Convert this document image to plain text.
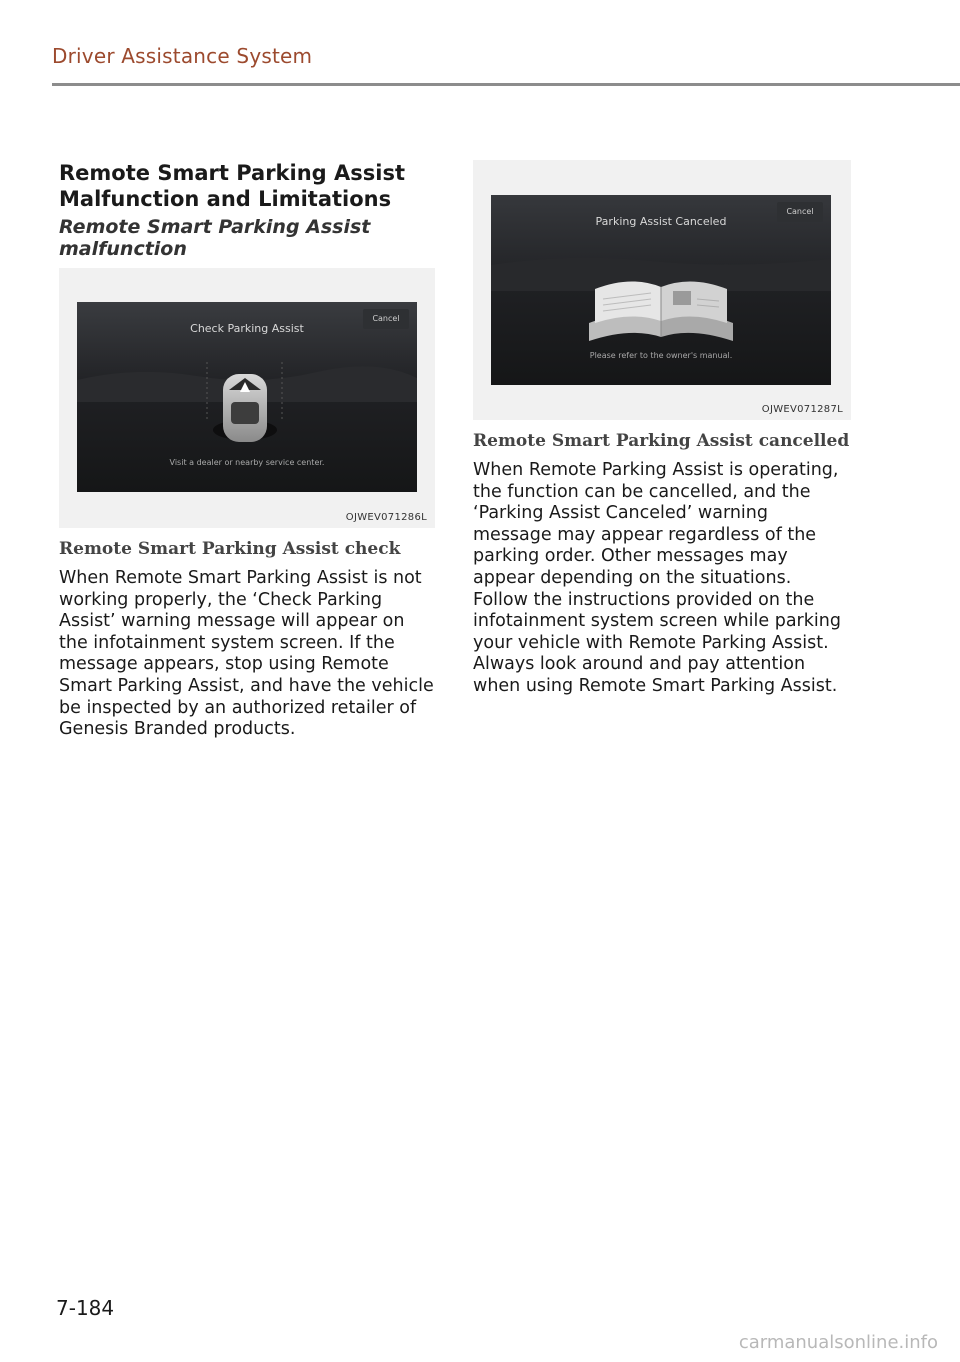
Driver Assistance System
Remote Smart Parking Assist Malfunction and Limitations
Remote Smart Parking Assist malfunction
Check Parking Assist
Cancel
Visit a dealer or nearby service center.
OJWEV071286L
Remote Smart Parking Assist check

When Remote Smart Parking Assist is not working properly, the ‘Check Parking Assist’ warning message will appear on the infotainment system screen. If the message appears, stop using Remote Smart Parking Assist, and have the vehicle be inspected by an authorized retailer of Genesis Branded products.

Parking Assist Canceled
Cancel
Please refer to the owner's manual.
OJWEV071287L
Remote Smart Parking Assist cancelled

When Remote Parking Assist is operating, the function can be cancelled, and the ‘Parking Assist Canceled’ warning message may appear regardless of the parking order. Other messages may appear depending on the situations. Follow the instructions provided on the infotainment system screen while parking your vehicle with Remote Parking Assist. Always look around and pay attention when using Remote Smart Parking Assist.

7-184
carmanualsonline.info
